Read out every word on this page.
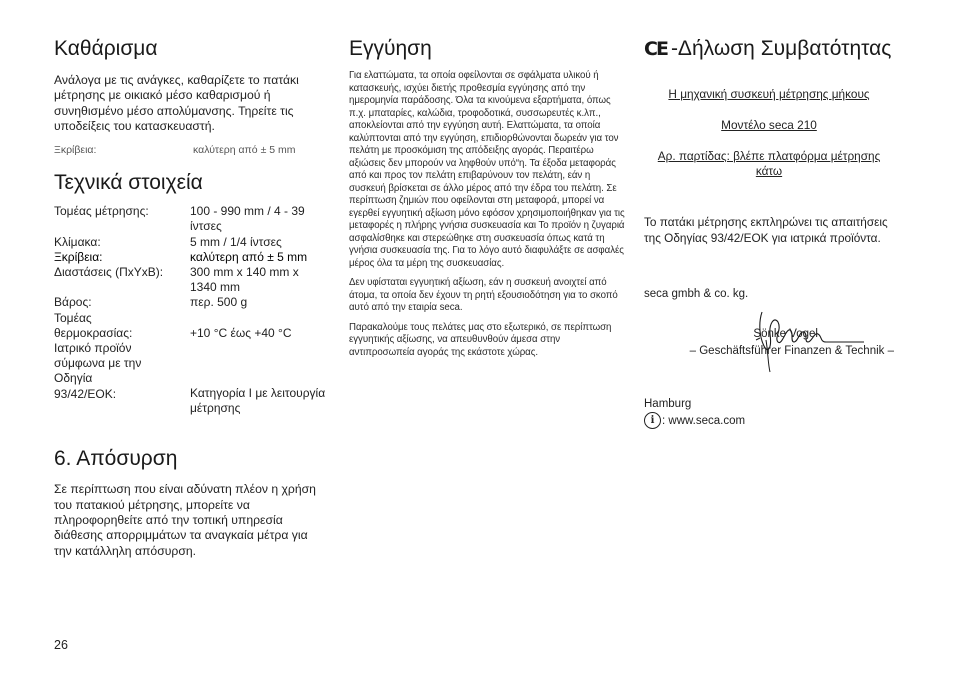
Καθάρισμα

Ανάλογα με τις ανάγκες, καθαρίζετε το πατάκι μέτρησης με οικιακό μέσο καθαρισμού ή συνηθισμένο μέσο απολύμανσης. Τηρείτε τις υποδείξεις του κατασκευαστή.

Ξκρίβεια:	καλύτερη από ± 5 mm
Τεχνικά στοιχεία
Τομέας μέτρησης:	100 - 990 mm / 4 - 39 ίντσες
Κλίμακα:	5 mm / 1/4 ίντσες
Ξκρίβεια:	καλύτερη από ± 5 mm
Διαστάσεις (ΠxΥxΒ):	300 mm x 140 mm x 1340 mm
Βάρος:	περ. 500 g
Τομέας θερμοκρασίας:	+10 °C έως +40 °C
Ιατρικό προϊόν σύμφωνα με την Οδηγία 93/42/EOK:	Κατηγορία I με λειτουργία μέτρησης
6. Απόσυρση

Σε περίπτωση που είναι αδύνατη πλέον η χρήση του πατακιού μέτρησης, μπορείτε να πληροφορηθείτε από την τοπική υπηρεσία διάθεσης απορριμμάτων τα αναγκαία μέτρα για την κατάλληλη απόσυρση.

26
Εγγύηση

Για ελαττώματα, τα οποία οφείλονται σε σφάλματα υλικού ή κατασκευής, ισχύει διετής προθεσμία εγγύησης από την ημερομηνία παράδοσης. Όλα τα κινούμενα εξαρτήματα, όπως π.χ. μπαταρίες, καλώδια, τροφοδοτικά, συσσωρευτές κ.λπ., αποκλείονται από την εγγύηση αυτή. Ελαττώματα, τα οποία καλύπτονται από την εγγύηση, επιδιορθώνονται δωρεάν για τον πελάτη με προσκόμιση της απόδειξης αγοράς. Περαιτέρω αξιώσεις δεν μπορούν να ληφθούν υπό“η. Τα έξοδα μεταφοράς από και προς τον πελάτη επιβαρύνουν τον πελάτη, εάν η συσκευή βρίσκεται σε άλλο μέρος από την έδρα του πελάτη. Σε περίπτωση ζημιών που οφείλονται στη μεταφορά, μπορεί να εγερθεί εγγυητική αξίωση μόνο εφόσον χρησιμοποιήθηκαν για τις μεταφορές η πλήρης γνήσια συσκευασία και Το προϊόν η ζυγαριά ασφαλίσθηκε και στερεώθηκε στη συσκευασία όπως κατά τη γνήσια συσκευασία της. Για το λόγο αυτό διαφυλάξτε σε ασφαλές μέρος όλα τα μέρη της συσκευασίας.

Δεν υφίσταται εγγυητική αξίωση, εάν η συσκευή ανοιχτεί από άτομα, τα οποία δεν έχουν τη ρητή εξουσιοδότηση για το σκοπό αυτό από την εταιρία seca.

Παρακαλούμε τους πελάτες μας στο εξωτερικό, σε περίπτωση εγγυητικής αξίωσης, να απευθυνθούν άμεσα στην αντιπροσωπεία αγοράς της εκάστοτε χώρας.

CE -Δήλωση Συμβατότητας
Η μηχανική συσκευή μέτρησης μήκους
Μοντέλο seca 210
Αρ. παρτίδας: βλέπε πλατφόρμα μέτρησης κάτω

Το πατάκι μέτρησης εκπληρώνει τις απαιτήσεις της Οδηγίας 93/42/EOK για ιατρικά προϊόντα.

seca gmbh & co. kg.
Sönke Vogel
– Geschäftsführer Finanzen & Technik –
Hamburg
i : www.seca.com
